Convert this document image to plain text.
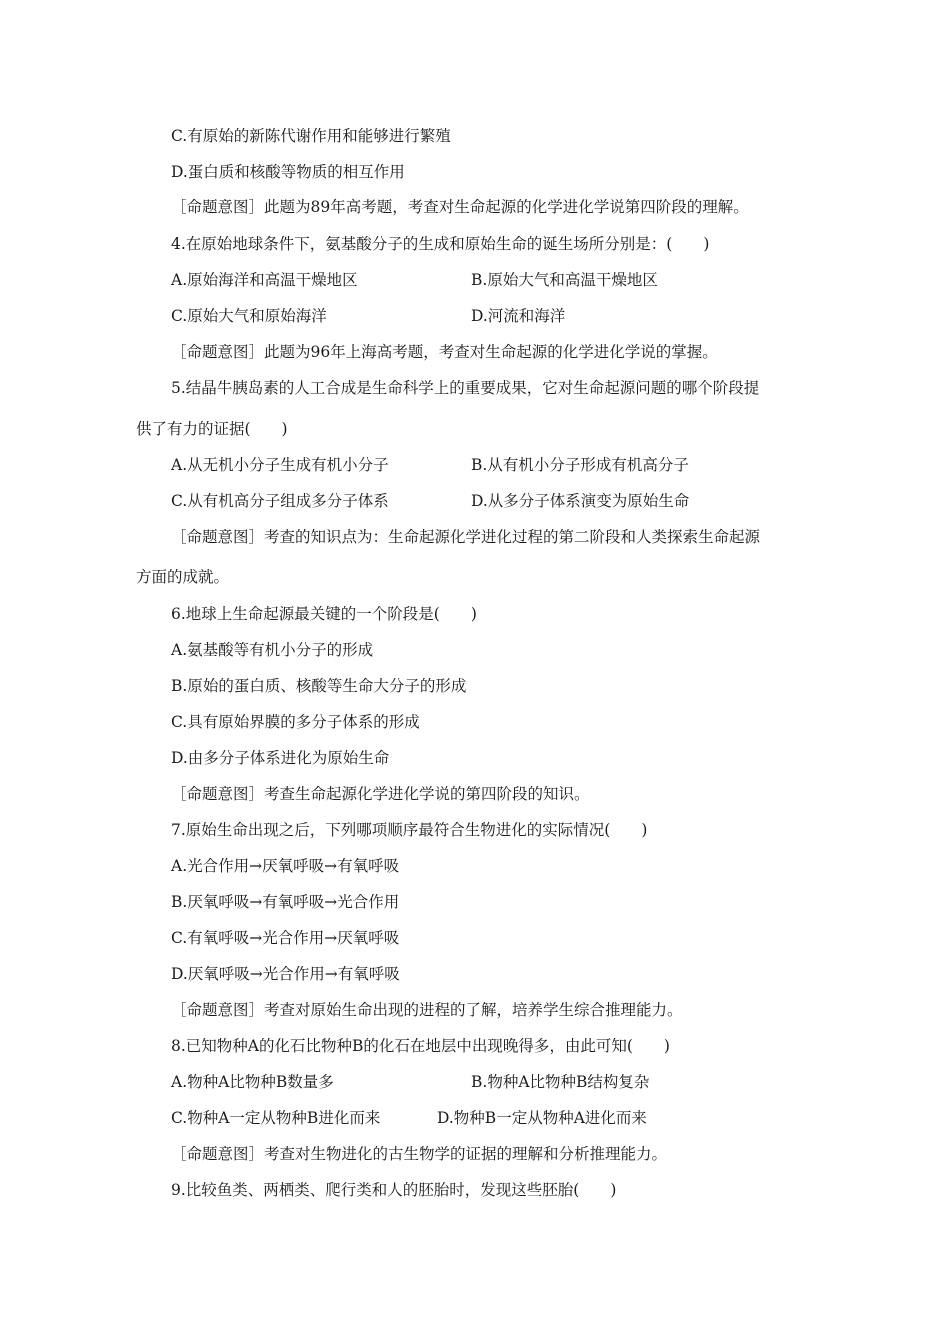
C.有原始的新陈代谢作用和能够进行繁殖
D.蛋白质和核酸等物质的相互作用
［命题意图］此题为89年高考题，考查对生命起源的化学进化学说第四阶段的理解。
4.在原始地球条件下，氨基酸分子的生成和原始生命的诞生场所分别是：(　　)
A.原始海洋和高温干燥地区	B.原始大气和高温干燥地区
C.原始大气和原始海洋	D.河流和海洋
［命题意图］此题为96年上海高考题，考查对生命起源的化学进化学说的掌握。
5.结晶牛胰岛素的人工合成是生命科学上的重要成果，它对生命起源问题的哪个阶段提
供了有力的证据(　　)
A.从无机小分子生成有机小分子	B.从有机小分子形成有机高分子
C.从有机高分子组成多分子体系	D.从多分子体系演变为原始生命
［命题意图］考查的知识点为：生命起源化学进化过程的第二阶段和人类探索生命起源
方面的成就。
6.地球上生命起源最关键的一个阶段是(　　)
A.氨基酸等有机小分子的形成
B.原始的蛋白质、核酸等生命大分子的形成
C.具有原始界膜的多分子体系的形成
D.由多分子体系进化为原始生命
［命题意图］考查生命起源化学进化学说的第四阶段的知识。
7.原始生命出现之后，下列哪项顺序最符合生物进化的实际情况(　　)
A.光合作用→厌氧呼吸→有氧呼吸
B.厌氧呼吸→有氧呼吸→光合作用
C.有氧呼吸→光合作用→厌氧呼吸
D.厌氧呼吸→光合作用→有氧呼吸
［命题意图］考查对原始生命出现的进程的了解，培养学生综合推理能力。
8.已知物种A的化石比物种B的化石在地层中出现晚得多，由此可知(　　)
A.物种A比物种B数量多	B.物种A比物种B结构复杂
C.物种A一定从物种B进化而来	D.物种B一定从物种A进化而来
［命题意图］考查对生物进化的古生物学的证据的理解和分析推理能力。
9.比较鱼类、两栖类、爬行类和人的胚胎时，发现这些胚胎(　　)
